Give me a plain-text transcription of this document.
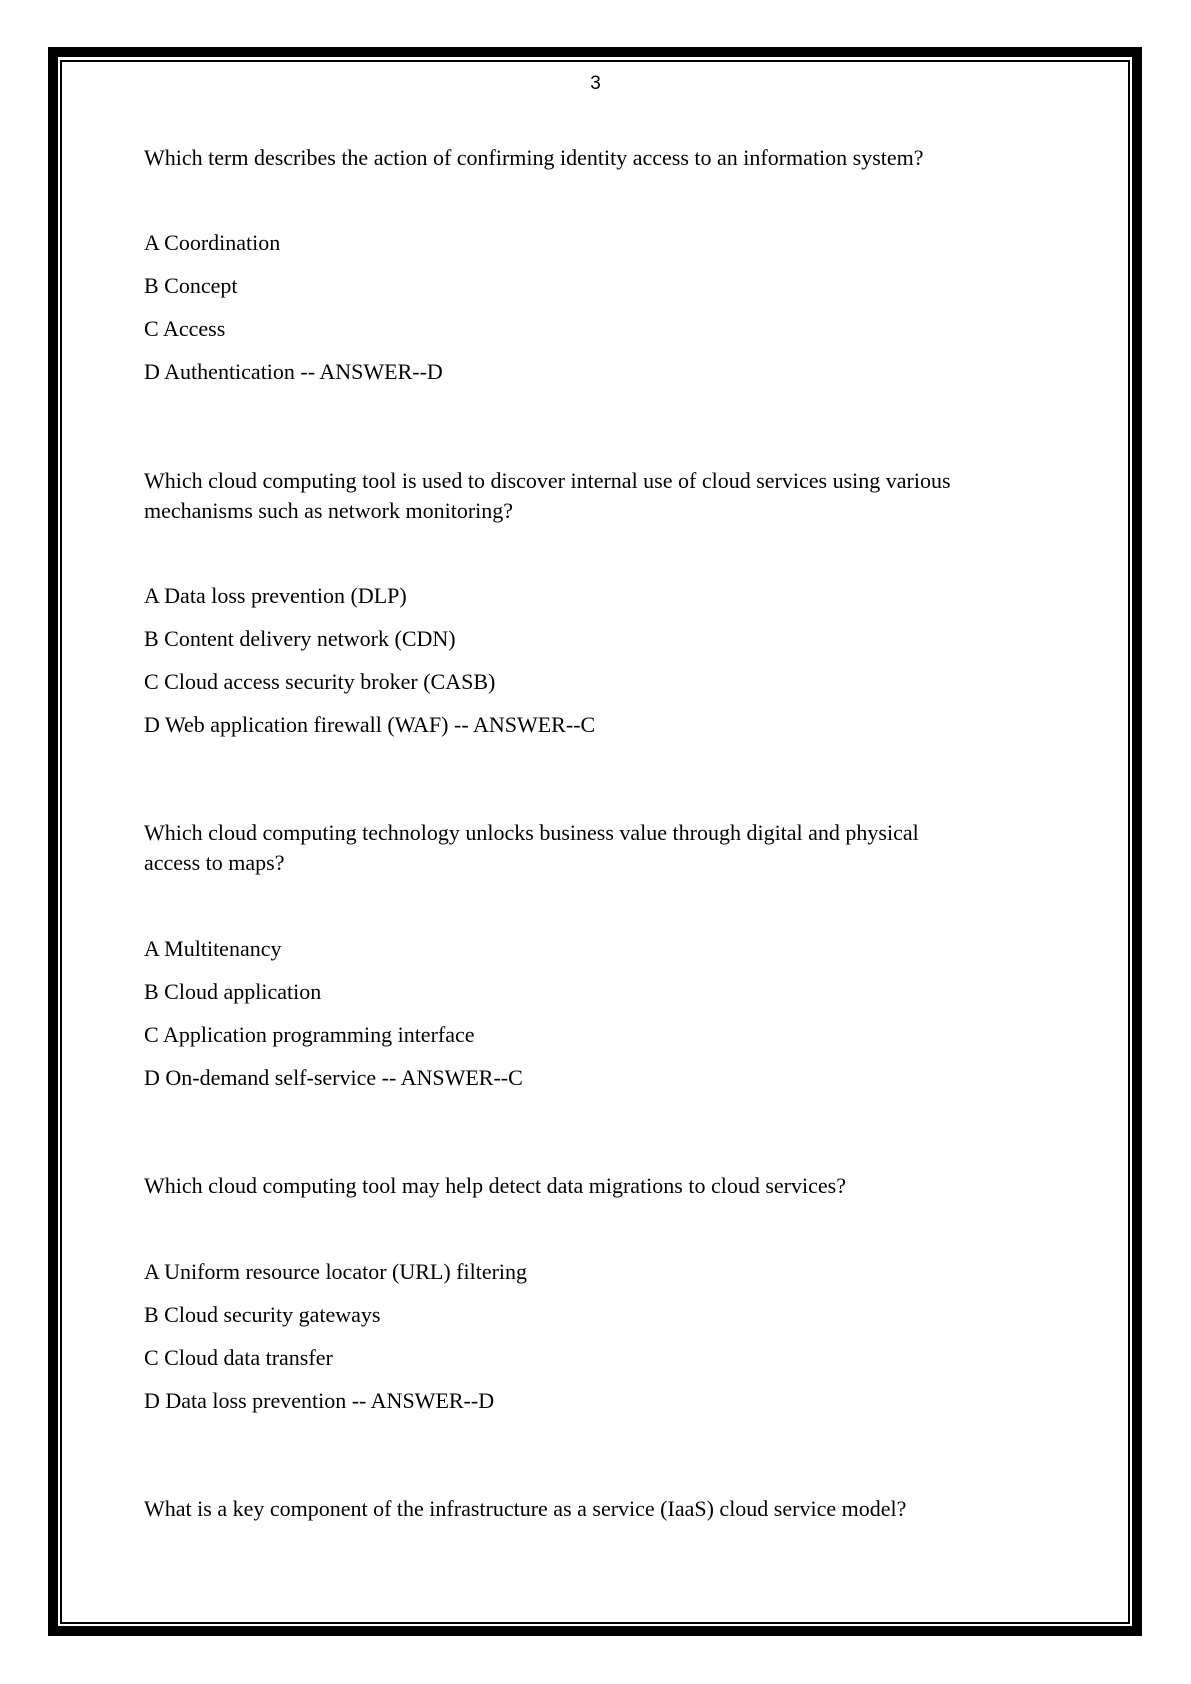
3

Which term describes the action of confirming identity access to an information system?

A Coordination

B Concept

C Access

D Authentication -- ANSWER--D

Which cloud computing tool is used to discover internal use of cloud services using various

mechanisms such as network monitoring?

A Data loss prevention (DLP)

B Content delivery network (CDN)

C Cloud access security broker (CASB)

D Web application firewall (WAF) -- ANSWER--C

Which cloud computing technology unlocks business value through digital and physical

access to maps?

A Multitenancy

B Cloud application

C Application programming interface

D On-demand self-service -- ANSWER--C

Which cloud computing tool may help detect data migrations to cloud services?

A Uniform resource locator (URL) filtering

B Cloud security gateways

C Cloud data transfer

D Data loss prevention -- ANSWER--D

What is a key component of the infrastructure as a service (IaaS) cloud service model?
